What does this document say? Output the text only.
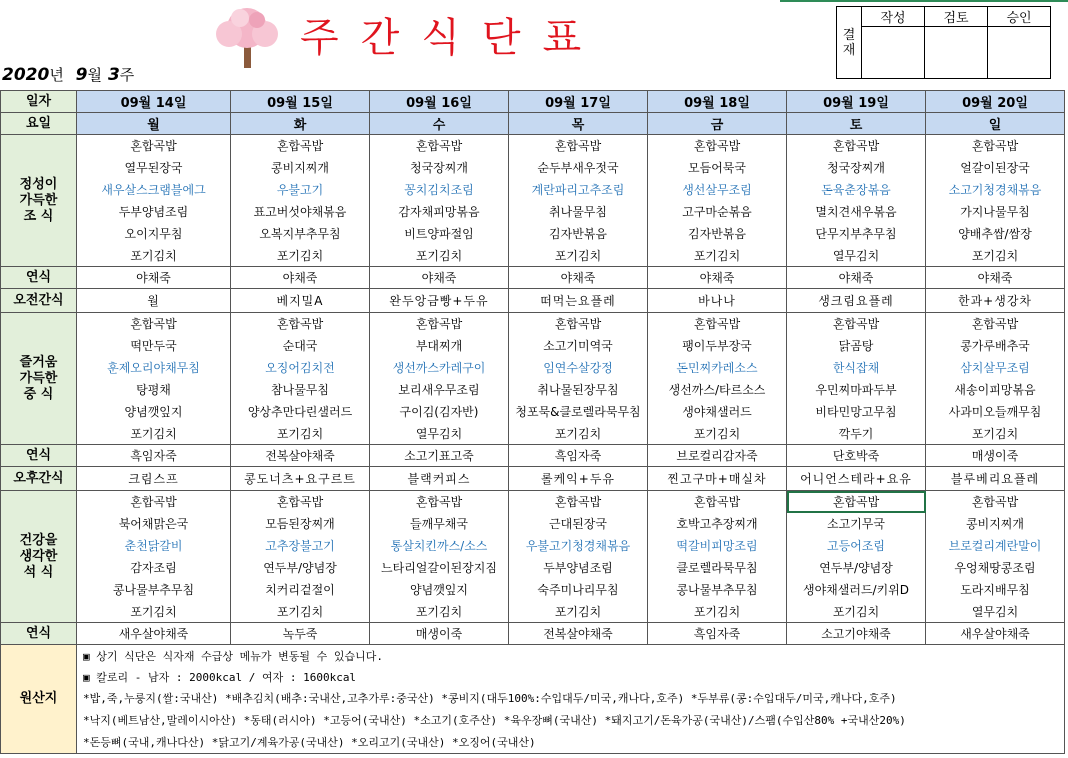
주간식단표	결 재	작성	검토	승인

2020년 9월 3주
일자	09월 14일	09월 15일	09월 16일	09월 17일	09월 18일	09월 19일	09월 20일
요일	월	화	수	목	금	토	일
정성이
가득한
조 식	혼합곡밥	혼합곡밥	혼합곡밥	혼합곡밥	혼합곡밥	혼합곡밥	혼합곡밥
	열무된장국	콩비지찌개	청국장찌개	순두부새우젓국	모듬어묵국	청국장찌개	얼갈이된장국
	새우살스크램블에그	우불고기	꽁치김치조림	계란파리고추조림	생선살무조림	돈육춘장볶음	소고기청경채볶음
	두부양념조림	표고버섯야채볶음	감자채피망볶음	취나물무침	고구마순볶음	멸치견새우볶음	가지나물무침
	오이지무침	오복지부추무침	비트양파절임	김자반볶음	김자반볶음	단무지부추무침	양배추쌈/쌈장
	포기김치	포기김치	포기김치	포기김치	포기김치	열무김치	포기김치
연식	야채죽	야채죽	야채죽	야채죽	야채죽	야채죽	야채죽
오전간식	월	베지밀A	완두앙금빵+두유	떠먹는요플레	바나나	생크림요플레	한과+생강차
즐거움
가득한
중 식	혼합곡밥	혼합곡밥	혼합곡밥	혼합곡밥	혼합곡밥	혼합곡밥	혼합곡밥
	떡만두국	순대국	부대찌개	소고기미역국	팽이두부장국	닭곰탕	콩가루배추국
	훈제오리야채무침	오징어김치전	생선까스카레구이	임연수살강정	돈민찌카레소스	한식잡채	삼치살무조림
	탕평채	참나물무침	보리새우무조림	취나물된장무침	생선까스/타르소스	우민찌마파두부	새송이피망볶음
	양념깻잎지	양상추만다린샐러드	구이김(김자반)	청포묵&클로렐라묵무침	생야채샐러드	비타민망고무침	사과미오들깨무침
	포기김치	포기김치	열무김치	포기김치	포기김치	깍두기	포기김치
연식	흑임자죽	전복살야채죽	소고기표고죽	흑임자죽	브로컬리감자죽	단호박죽	매생이죽
오후간식	크림스프	콩도너츠+요구르트	블랙커피스	롤케익+두유	찐고구마+매실차	어니언스테라+요유	블루베리요플레
건강을
생각한
석 식	혼합곡밥	혼합곡밥	혼합곡밥	혼합곡밥	혼합곡밥	혼합곡밥	혼합곡밥
	북어채맑은국	모듬된장찌개	들깨무채국	근대된장국	호박고추장찌개	소고기무국	콩비지찌개
	춘천닭갈비	고추장불고기	통살치킨까스/소스	우불고기청경채볶음	떡갈비피망조림	고등어조림	브로컬리계란말이
	감자조림	연두부/양념장	느타리얼갈이된장지짐	두부양념조림	클로렐라묵무침	연두부/양념장	우엉채땅콩조림
	콩나물부추무침	치커리겉절이	양념깻잎지	숙주미나리무침	콩나물부추무침	생야채샐러드/키위D	도라지배무침
	포기김치	포기김치	포기김치	포기김치	포기김치	포기김치	열무김치
연식	새우살야채죽	녹두죽	매생이죽	전복살야채죽	흑임자죽	소고기야채죽	새우살야채죽
원산지	▣ 상기 식단은 식자재 수급상 메뉴가 변동될 수 있습니다.						
	▣ 칼로리 - 남자 : 2000kcal / 여자 : 1600kcal						
	*밥,죽,누룽지(쌀:국내산) *배추김치(배추:국내산,고추가루:중국산) *콩비지(대두100%:수입대두/미국,캐나다,호주) *두부류(콩:수입대두/미국,캐나다,호주)						
	*낙지(베트남산,말레이시아산) *동태(러시아) *고등어(국내산) *소고기(호주산) *육우장뼈(국내산) *돼지고기/돈육가공(국내산)/스팸(수입산80% +국내산20%)						
	*돈등뼈(국내,캐나다산) *닭고기/계육가공(국내산) *오리고기(국내산) *오징어(국내산)						
